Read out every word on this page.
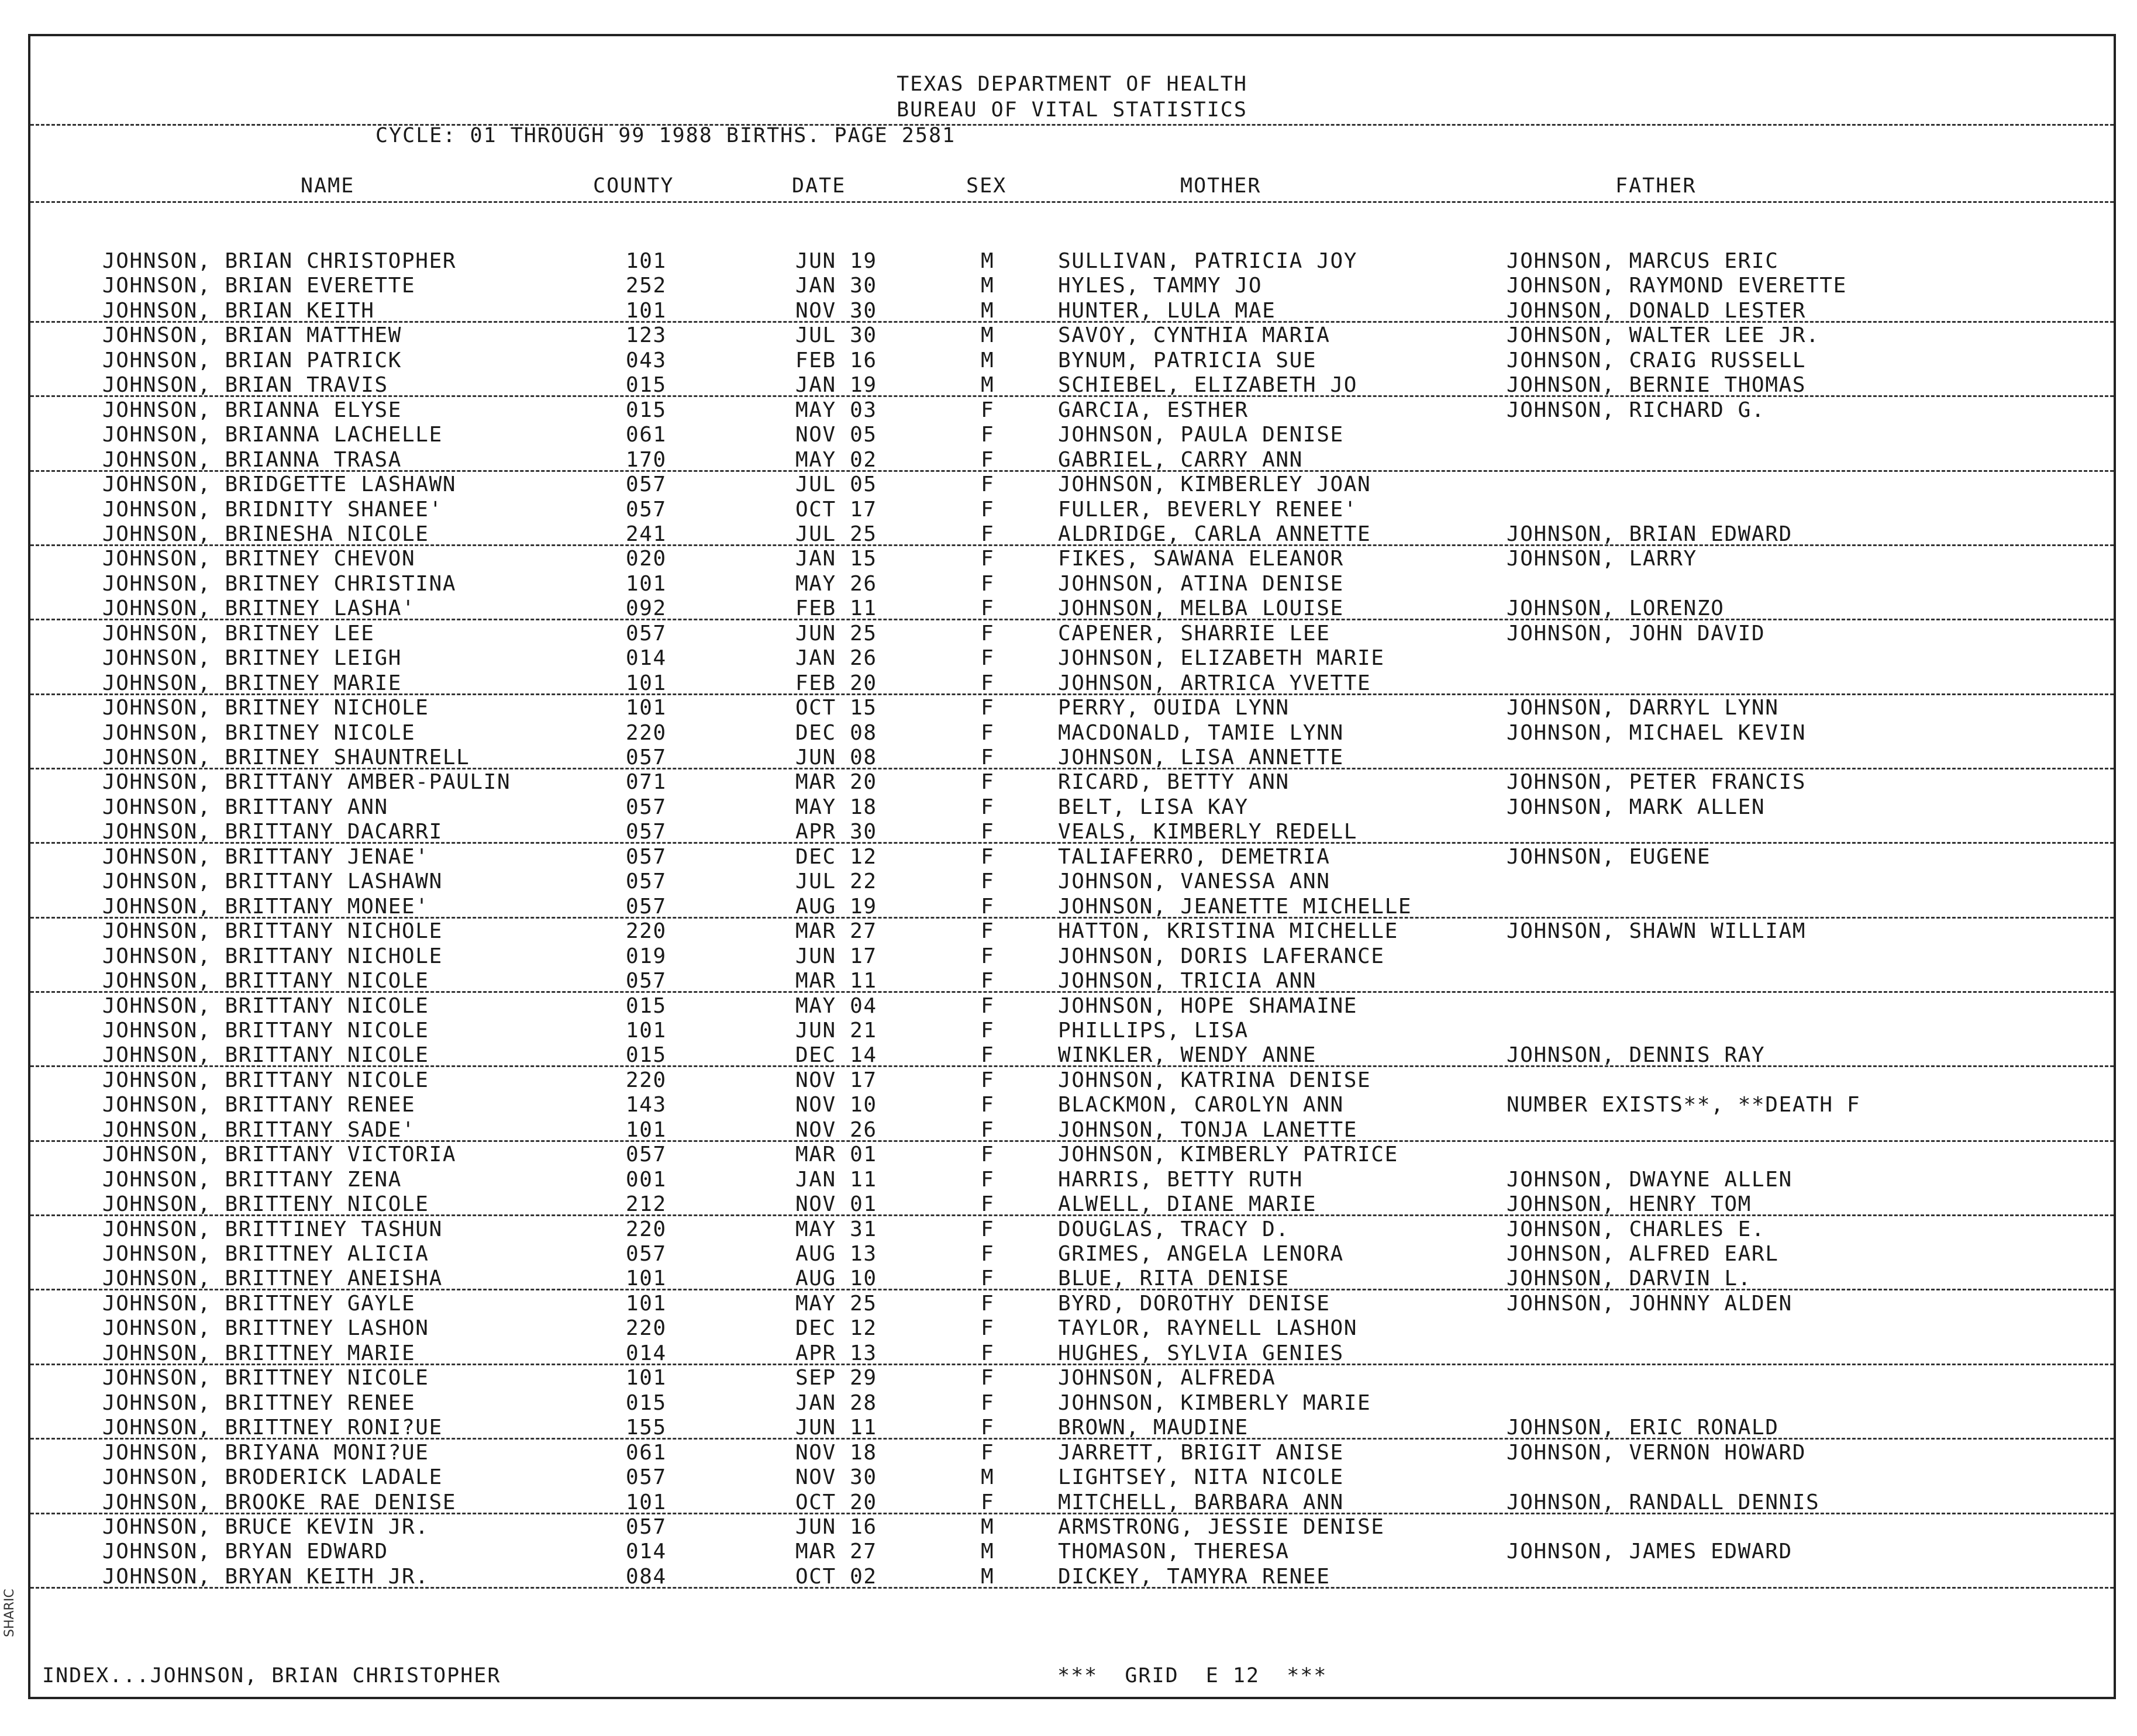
TEXAS DEPARTMENT OF HEALTH
BUREAU OF VITAL STATISTICS
CYCLE: 01 THROUGH 99 1988 BIRTHS. PAGE 2581
NAME	COUNTY	DATE	SEX	MOTHER	FATHER
JOHNSON, BRIAN CHRISTOPHER	101	JUN 19	M	SULLIVAN, PATRICIA JOY	JOHNSON, MARCUS ERIC
JOHNSON, BRIAN EVERETTE	252	JAN 30	M	HYLES, TAMMY JO	JOHNSON, RAYMOND EVERETTE
JOHNSON, BRIAN KEITH	101	NOV 30	M	HUNTER, LULA MAE	JOHNSON, DONALD LESTER
JOHNSON, BRIAN MATTHEW	123	JUL 30	M	SAVOY, CYNTHIA MARIA	JOHNSON, WALTER LEE JR.
JOHNSON, BRIAN PATRICK	043	FEB 16	M	BYNUM, PATRICIA SUE	JOHNSON, CRAIG RUSSELL
JOHNSON, BRIAN TRAVIS	015	JAN 19	M	SCHIEBEL, ELIZABETH JO	JOHNSON, BERNIE THOMAS
JOHNSON, BRIANNA ELYSE	015	MAY 03	F	GARCIA, ESTHER	JOHNSON, RICHARD G.
JOHNSON, BRIANNA LACHELLE	061	NOV 05	F	JOHNSON, PAULA DENISE
JOHNSON, BRIANNA TRASA	170	MAY 02	F	GABRIEL, CARRY ANN
JOHNSON, BRIDGETTE LASHAWN	057	JUL 05	F	JOHNSON, KIMBERLEY JOAN
JOHNSON, BRIDNITY SHANEE'	057	OCT 17	F	FULLER, BEVERLY RENEE'
JOHNSON, BRINESHA NICOLE	241	JUL 25	F	ALDRIDGE, CARLA ANNETTE	JOHNSON, BRIAN EDWARD
JOHNSON, BRITNEY CHEVON	020	JAN 15	F	FIKES, SAWANA ELEANOR	JOHNSON, LARRY
JOHNSON, BRITNEY CHRISTINA	101	MAY 26	F	JOHNSON, ATINA DENISE
JOHNSON, BRITNEY LASHA'	092	FEB 11	F	JOHNSON, MELBA LOUISE	JOHNSON, LORENZO
JOHNSON, BRITNEY LEE	057	JUN 25	F	CAPENER, SHARRIE LEE	JOHNSON, JOHN DAVID
JOHNSON, BRITNEY LEIGH	014	JAN 26	F	JOHNSON, ELIZABETH MARIE
JOHNSON, BRITNEY MARIE	101	FEB 20	F	JOHNSON, ARTRICA YVETTE
JOHNSON, BRITNEY NICHOLE	101	OCT 15	F	PERRY, OUIDA LYNN	JOHNSON, DARRYL LYNN
JOHNSON, BRITNEY NICOLE	220	DEC 08	F	MACDONALD, TAMIE LYNN	JOHNSON, MICHAEL KEVIN
JOHNSON, BRITNEY SHAUNTRELL	057	JUN 08	F	JOHNSON, LISA ANNETTE
JOHNSON, BRITTANY AMBER-PAULIN	071	MAR 20	F	RICARD, BETTY ANN	JOHNSON, PETER FRANCIS
JOHNSON, BRITTANY ANN	057	MAY 18	F	BELT, LISA KAY	JOHNSON, MARK ALLEN
JOHNSON, BRITTANY DACARRI	057	APR 30	F	VEALS, KIMBERLY REDELL
JOHNSON, BRITTANY JENAE'	057	DEC 12	F	TALIAFERRO, DEMETRIA	JOHNSON, EUGENE
JOHNSON, BRITTANY LASHAWN	057	JUL 22	F	JOHNSON, VANESSA ANN
JOHNSON, BRITTANY MONEE'	057	AUG 19	F	JOHNSON, JEANETTE MICHELLE
JOHNSON, BRITTANY NICHOLE	220	MAR 27	F	HATTON, KRISTINA MICHELLE	JOHNSON, SHAWN WILLIAM
JOHNSON, BRITTANY NICHOLE	019	JUN 17	F	JOHNSON, DORIS LAFERANCE
JOHNSON, BRITTANY NICOLE	057	MAR 11	F	JOHNSON, TRICIA ANN
JOHNSON, BRITTANY NICOLE	015	MAY 04	F	JOHNSON, HOPE SHAMAINE
JOHNSON, BRITTANY NICOLE	101	JUN 21	F	PHILLIPS, LISA
JOHNSON, BRITTANY NICOLE	015	DEC 14	F	WINKLER, WENDY ANNE	JOHNSON, DENNIS RAY
JOHNSON, BRITTANY NICOLE	220	NOV 17	F	JOHNSON, KATRINA DENISE
JOHNSON, BRITTANY RENEE	143	NOV 10	F	BLACKMON, CAROLYN ANN	NUMBER EXISTS**, **DEATH F
JOHNSON, BRITTANY SADE'	101	NOV 26	F	JOHNSON, TONJA LANETTE
JOHNSON, BRITTANY VICTORIA	057	MAR 01	F	JOHNSON, KIMBERLY PATRICE
JOHNSON, BRITTANY ZENA	001	JAN 11	F	HARRIS, BETTY RUTH	JOHNSON, DWAYNE ALLEN
JOHNSON, BRITTENY NICOLE	212	NOV 01	F	ALWELL, DIANE MARIE	JOHNSON, HENRY TOM
JOHNSON, BRITTINEY TASHUN	220	MAY 31	F	DOUGLAS, TRACY D.	JOHNSON, CHARLES E.
JOHNSON, BRITTNEY ALICIA	057	AUG 13	F	GRIMES, ANGELA LENORA	JOHNSON, ALFRED EARL
JOHNSON, BRITTNEY ANEISHA	101	AUG 10	F	BLUE, RITA DENISE	JOHNSON, DARVIN L.
JOHNSON, BRITTNEY GAYLE	101	MAY 25	F	BYRD, DOROTHY DENISE	JOHNSON, JOHNNY ALDEN
JOHNSON, BRITTNEY LASHON	220	DEC 12	F	TAYLOR, RAYNELL LASHON
JOHNSON, BRITTNEY MARIE	014	APR 13	F	HUGHES, SYLVIA GENIES
JOHNSON, BRITTNEY NICOLE	101	SEP 29	F	JOHNSON, ALFREDA
JOHNSON, BRITTNEY RENEE	015	JAN 28	F	JOHNSON, KIMBERLY MARIE
JOHNSON, BRITTNEY RONI?UE	155	JUN 11	F	BROWN, MAUDINE	JOHNSON, ERIC RONALD
JOHNSON, BRIYANA MONI?UE	061	NOV 18	F	JARRETT, BRIGIT ANISE	JOHNSON, VERNON HOWARD
JOHNSON, BRODERICK LADALE	057	NOV 30	M	LIGHTSEY, NITA NICOLE
JOHNSON, BROOKE RAE DENISE	101	OCT 20	F	MITCHELL, BARBARA ANN	JOHNSON, RANDALL DENNIS
JOHNSON, BRUCE KEVIN JR.	057	JUN 16	M	ARMSTRONG, JESSIE DENISE
JOHNSON, BRYAN EDWARD	014	MAR 27	M	THOMASON, THERESA	JOHNSON, JAMES EDWARD
JOHNSON, BRYAN KEITH JR.	084	OCT 02	M	DICKEY, TAMYRA RENEE
INDEX...JOHNSON, BRIAN CHRISTOPHER	***  GRID  E 12  ***
SHARIC
